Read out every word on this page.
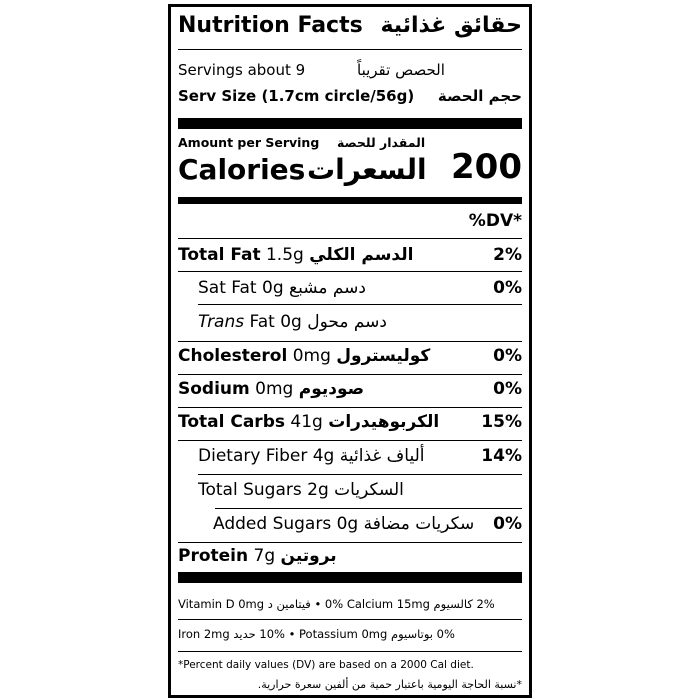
Nutrition Facts حقائق غذائية
Servings about 9	الحصص تقريباً
Serv Size (1.7cm circle/56g) حجم الحصة
Amount per Serving المقدار للحصة
Calories السعرات 200
%DV*
Total Fat 1.5g الدسم الكلي	2%
Sat Fat 0g دسم مشبع	0%
Trans Fat 0g دسم محول
Cholesterol 0mg كوليسترول	0%
Sodium 0mg صوديوم	0%
Total Carbs 41g الكربوهيدرات 15%
Dietary Fiber 4g ألياف غذائية	14%
Total Sugars 2g السكريات
Added Sugars 0g سكريات مضافة 0%
Protein 7g بروتين
Vitamin D 0mg فيتامين د • 0% Calcium 15mg كالسيوم 2%
Iron 2mg حديد 10% • Potassium 0mg بوتاسيوم 0%
*Percent daily values (DV) are based on a 2000 Cal diet.
*نسبة الحاجة اليومية باعتبار حمية من ألفين سعرة حرارية.
